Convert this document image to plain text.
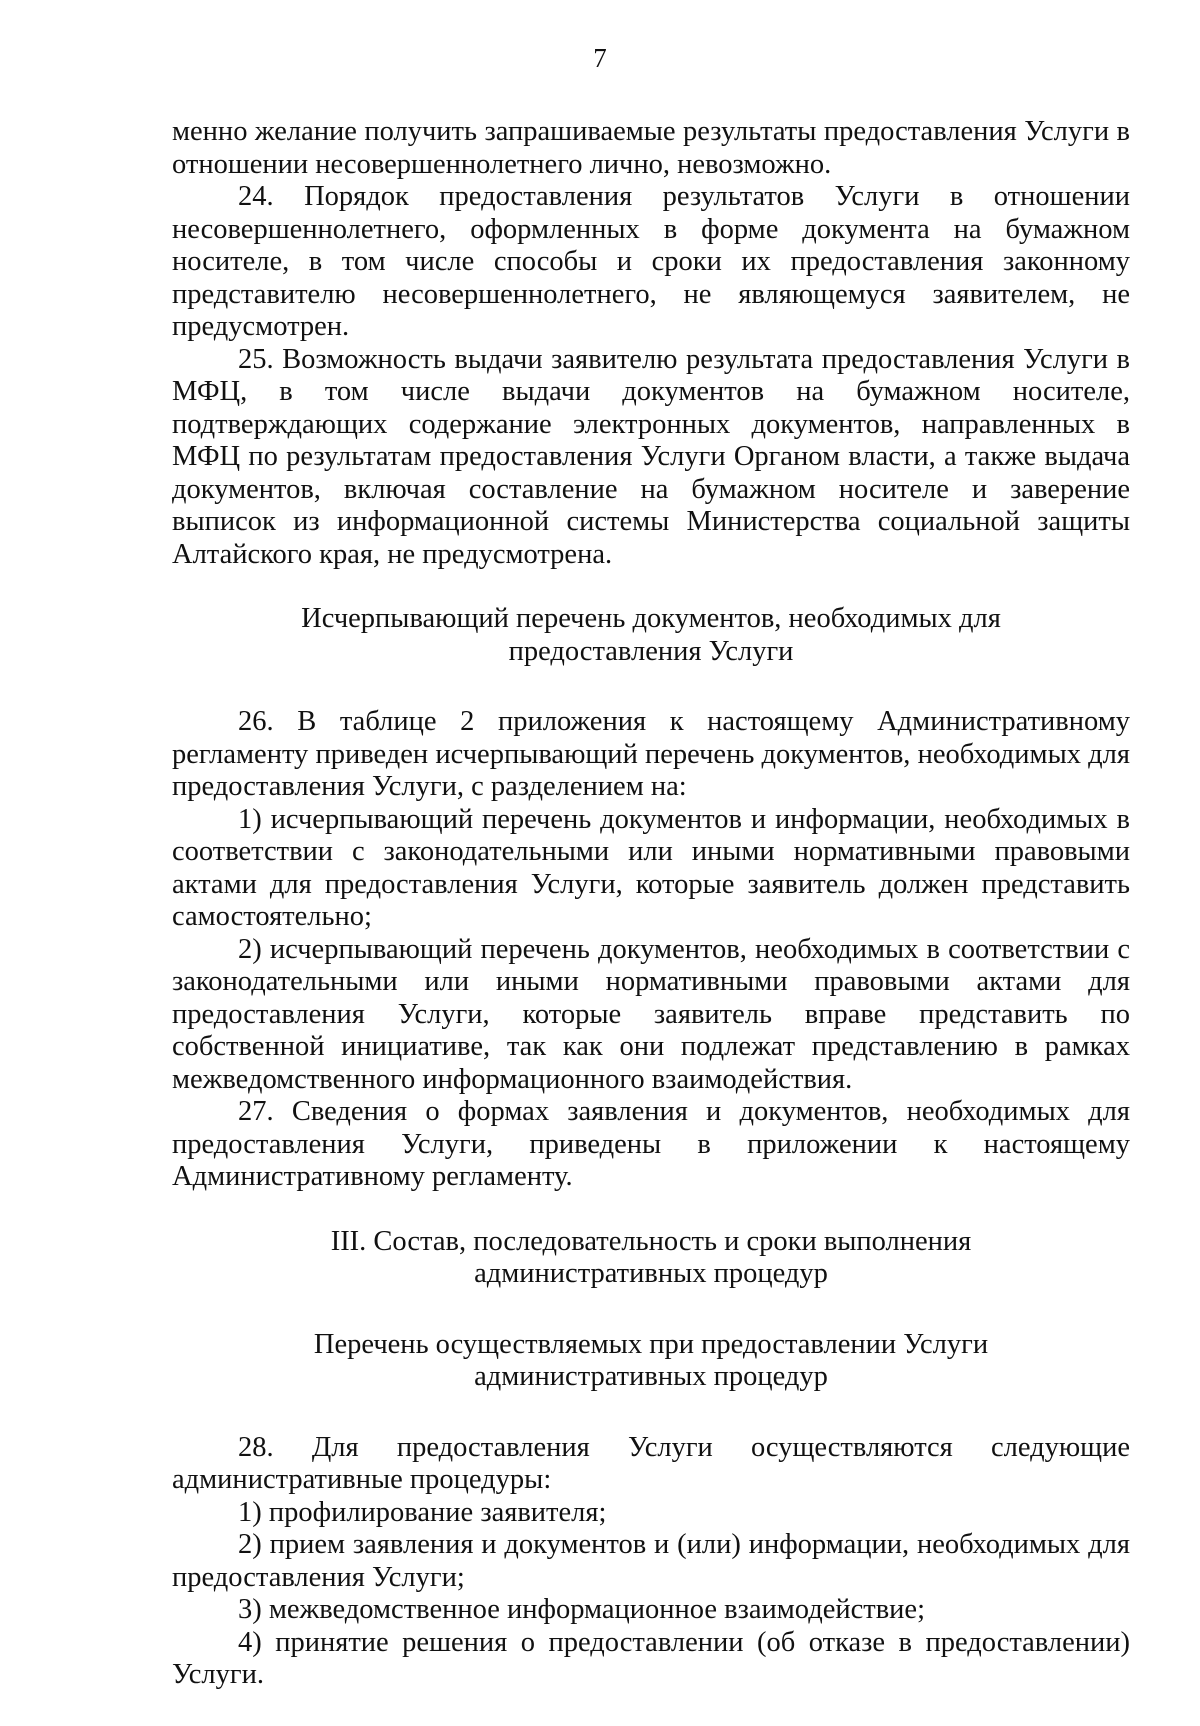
7

менно желание получить запрашиваемые результаты предоставления Услуги в отношении несовершеннолетнего лично, невозможно.

24. Порядок предоставления результатов Услуги в отношении несовершеннолетнего, оформленных в форме документа на бумажном носителе, в том числе способы и сроки их предоставления законному представителю несовершеннолетнего, не являющемуся заявителем, не предусмотрен.

25. Возможность выдачи заявителю результата предоставления Услуги в МФЦ, в том числе выдачи документов на бумажном носителе, подтверждающих содержание электронных документов, направленных в МФЦ по результатам предоставления Услуги Органом власти, а также выдача документов, включая составление на бумажном носителе и заверение выписок из информационной системы Министерства социальной защиты Алтайского края, не предусмотрена.

Исчерпывающий перечень документов, необходимых для предоставления Услуги

26. В таблице 2 приложения к настоящему Административному регламенту приведен исчерпывающий перечень документов, необходимых для предоставления Услуги, с разделением на:

1) исчерпывающий перечень документов и информации, необходимых в соответствии с законодательными или иными нормативными правовыми актами для предоставления Услуги, которые заявитель должен представить самостоятельно;

2) исчерпывающий перечень документов, необходимых в соответствии с законодательными или иными нормативными правовыми актами для предоставления Услуги, которые заявитель вправе представить по собственной инициативе, так как они подлежат представлению в рамках межведомственного информационного взаимодействия.

27. Сведения о формах заявления и документов, необходимых для предоставления Услуги, приведены в приложении к настоящему Административному регламенту.

III. Состав, последовательность и сроки выполнения административных процедур

Перечень осуществляемых при предоставлении Услуги административных процедур

28. Для предоставления Услуги осуществляются следующие административные процедуры:

1) профилирование заявителя;

2) прием заявления и документов и (или) информации, необходимых для предоставления Услуги;

3) межведомственное информационное взаимодействие;

4) принятие решения о предоставлении (об отказе в предоставлении) Услуги.
